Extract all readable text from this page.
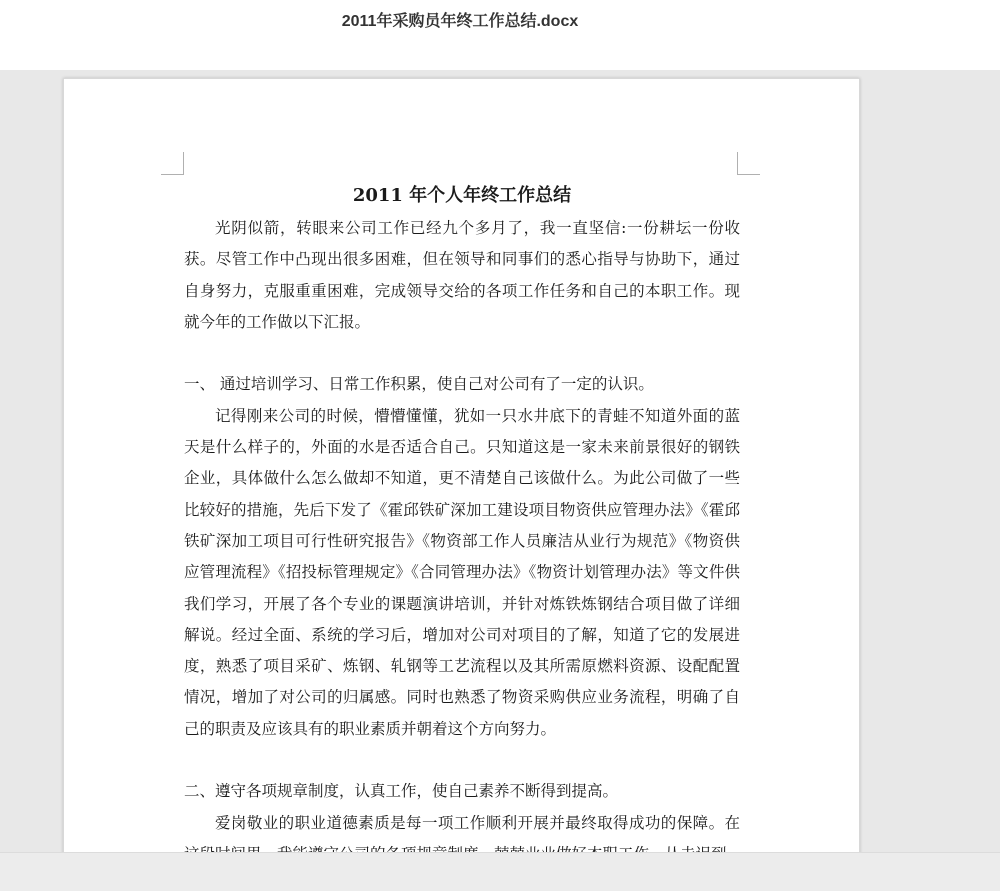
2011年采购员年终工作总结.docx

2011 年个人年终工作总结

光阴似箭，转眼来公司工作已经九个多月了，我一直坚信:一份耕坛一份收获。尽管工作中凸现出很多困难，但在领导和同事们的悉心指导与协助下，通过自身努力，克服重重困难，完成领导交给的各项工作任务和自己的本职工作。现就今年的工作做以下汇报。

一、 通过培训学习、日常工作积累，使自己对公司有了一定的认识。

记得刚来公司的时候，懵懵懂懂，犹如一只水井底下的青蛙不知道外面的蓝天是什么样子的，外面的水是否适合自己。只知道这是一家未来前景很好的钢铁企业，具体做什么怎么做却不知道，更不清楚自己该做什么。为此公司做了一些比较好的措施，先后下发了《霍邱铁矿深加工建设项目物资供应管理办法》《霍邱铁矿深加工项目可行性研究报告》《物资部工作人员廉洁从业行为规范》《物资供应管理流程》《招投标管理规定》《合同管理办法》《物资计划管理办法》等文件供我们学习，开展了各个专业的课题演讲培训，并针对炼铁炼钢结合项目做了详细解说。经过全面、系统的学习后，增加对公司对项目的了解，知道了它的发展进度，熟悉了项目采矿、炼钢、轧钢等工艺流程以及其所需原燃料资源、设配配置情况，增加了对公司的归属感。同时也熟悉了物资采购供应业务流程，明确了自己的职责及应该具有的职业素质并朝着这个方向努力。

二、遵守各项规章制度，认真工作，使自己素养不断得到提高。

爱岗敬业的职业道德素质是每一项工作顺利开展并最终取得成功的保障。在
